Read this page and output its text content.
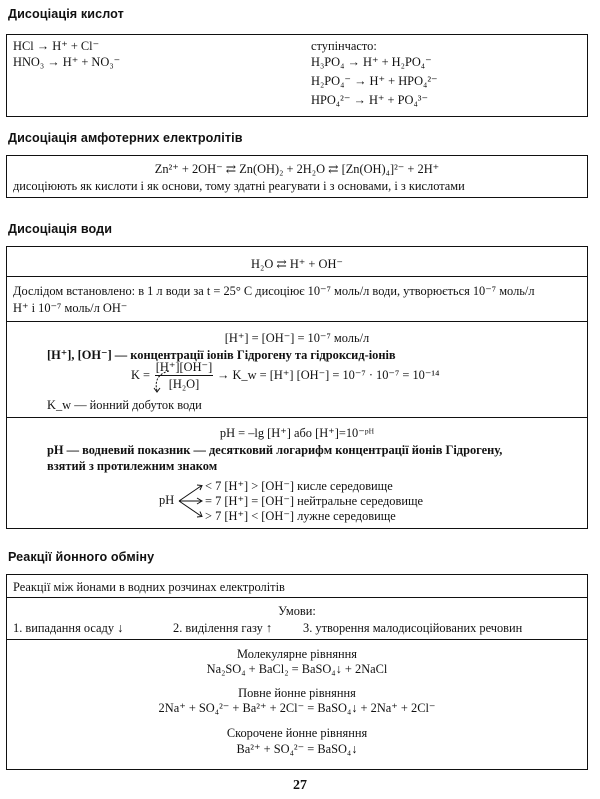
Дисоціація кислот
HCl → H⁺ + Cl⁻
HNO₃ → H⁺ + NO₃⁻
ступінчасто:
H₃PO₄ → H⁺ + H₂PO₄⁻
H₂PO₄⁻ → H⁺ + HPO₄²⁻
HPO₄²⁻ → H⁺ + PO₄³⁻
Дисоціація амфотерних електролітів
Zn²⁺ + 2OH⁻ ⇄ Zn(OH)₂ + 2H₂O ⇄ [Zn(OH)₄]²⁻ + 2H⁺
дисоціюють як кислоти і як основи, тому здатні реагувати і з основами, і з кислотами
Дисоціація води
H₂O ⇄ H⁺ + OH⁻
Дослідом встановлено: в 1 л води за t = 25° С дисоціює 10⁻⁷ моль/л води, утворюється 10⁻⁷ моль/л
H⁺ і 10⁻⁷ моль/л OH⁻
[H⁺] = [OH⁻] = 10⁻⁷ моль/л
[H⁺], [OH⁻] — концентрації іонів Гідрогену та гідроксид-іонів
K =
[H⁺][OH⁻]
[H₂O]
→ K_w = [H⁺] [OH⁻] = 10⁻⁷ · 10⁻⁷ = 10⁻¹⁴
K_w — йонний добуток води
pH = –lg [H⁺] або [H⁺]=10⁻ᵖᴴ
pH — водневий показник — десятковий логарифм концентрації йонів Гідрогену,
взятий з протилежним знаком
pH
< 7 [H⁺] > [OH⁻] кисле середовище
= 7 [H⁺] = [OH⁻] нейтральне середовище
> 7 [H⁺] < [OH⁻] лужне середовище
Реакції йонного обміну
Реакції між йонами в водних розчинах електролітів
Умови:
1. випадання осаду ↓	2. виділення газу ↑ 3. утворення малодисоційованих речовин
Молекулярне рівняння
Na₂SO₄ + BaCl₂ = BaSO₄↓ + 2NaCl
Повне йонне рівняння
2Na⁺ + SO₄²⁻ + Ba²⁺ + 2Cl⁻ = BaSO₄↓ + 2Na⁺ + 2Cl⁻
Скорочене йонне рівняння
Ba²⁺ + SO₄²⁻ = BaSO₄↓
27
